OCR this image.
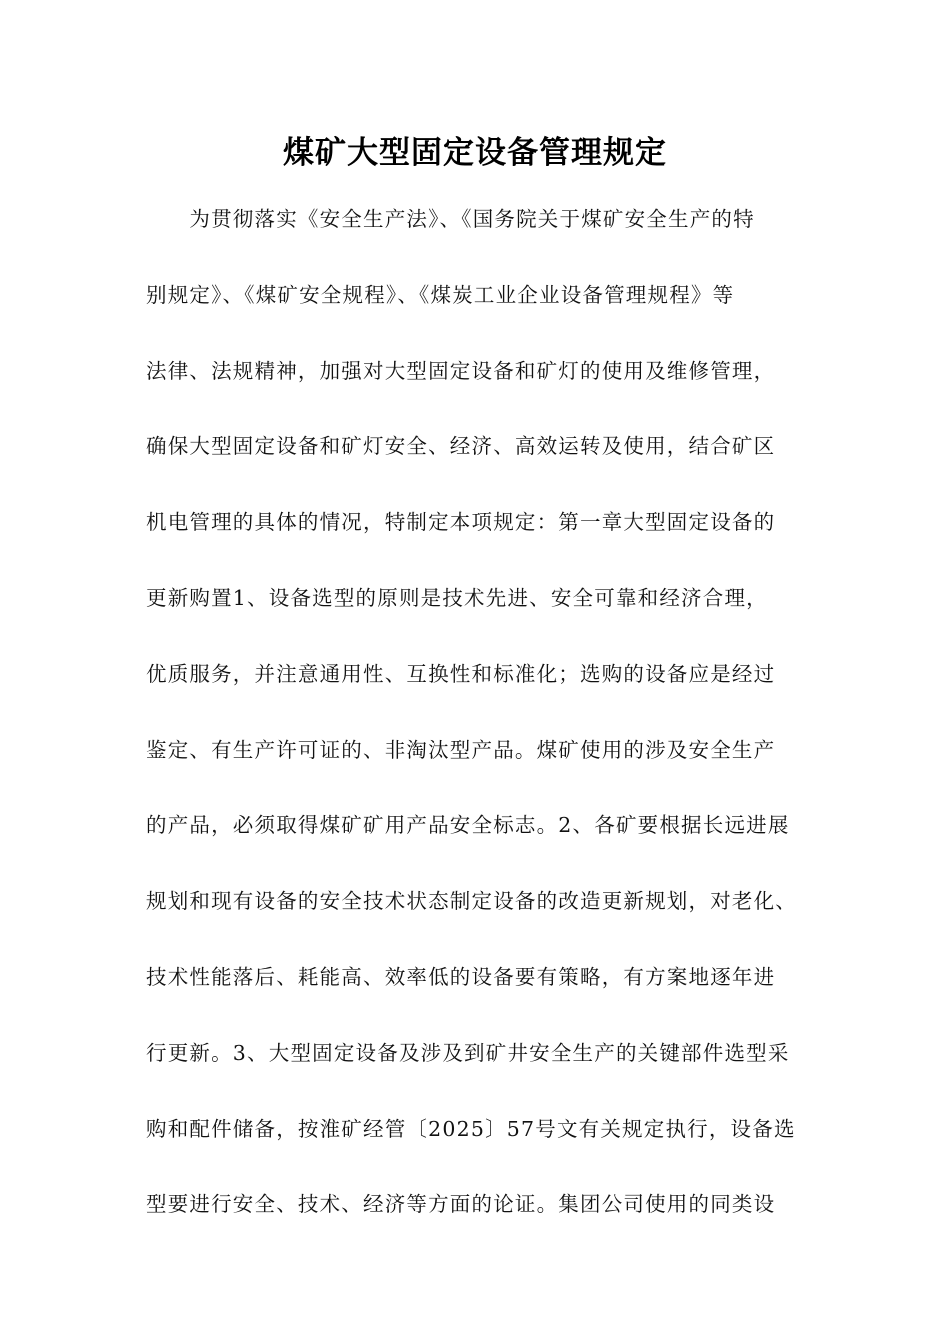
煤矿大型固定设备管理规定
　　为贯彻落实《安全生产法》、《国务院关于煤矿安全生产的特
别规定》、《煤矿安全规程》、《煤炭工业企业设备管理规程》等
法律、法规精神，加强对大型固定设备和矿灯的使用及维修管理，
确保大型固定设备和矿灯安全、经济、高效运转及使用，结合矿区
机电管理的具体的情况，特制定本项规定：第一章大型固定设备的
更新购置1、设备选型的原则是技术先进、安全可靠和经济合理，
优质服务，并注意通用性、互换性和标准化；选购的设备应是经过
鉴定、有生产许可证的、非淘汰型产品。煤矿使用的涉及安全生产
的产品，必须取得煤矿矿用产品安全标志。2、各矿要根据长远进展
规划和现有设备的安全技术状态制定设备的改造更新规划，对老化、
技术性能落后、耗能高、效率低的设备要有策略，有方案地逐年进
行更新。3、大型固定设备及涉及到矿井安全生产的关键部件选型采
购和配件储备，按淮矿经管〔2025〕57号文有关规定执行，设备选
型要进行安全、技术、经济等方面的论证。集团公司使用的同类设
